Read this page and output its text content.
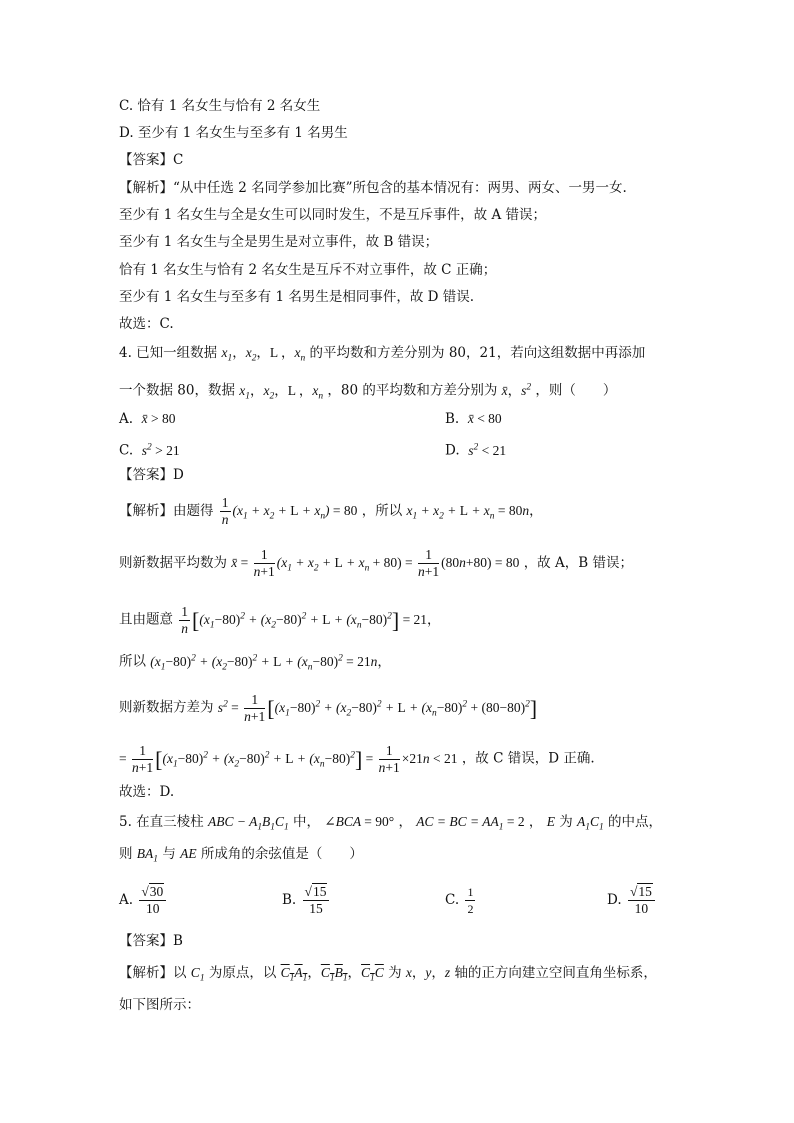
C. 恰有 1 名女生与恰有 2 名女生
D. 至少有 1 名女生与至多有 1 名男生
【答案】C
【解析】“从中任选 2 名同学参加比赛”所包含的基本情况有：两男、两女、一男一女.
至少有 1 名女生与全是女生可以同时发生，不是互斥事件，故 A 错误；
至少有 1 名女生与全是男生是对立事件，故 B 错误；
恰有 1 名女生与恰有 2 名女生是互斥不对立事件，故 C 正确；
至少有 1 名女生与至多有 1 名男生是相同事件，故 D 错误.
故选：C.
4. 已知一组数据 $x_1$，$x_2$，L ，$x_n$ 的平均数和方差分别为 80，21，若向这组数据中再添加
一个数据 80，数据 $x_1$，$x_2$，L ，$x_n$ ，80 的平均数和方差分别为 x̄，$s^2$ ，则（　　）
A. x̄ > 80	B. x̄ < 80
C. $s^2 > 21$	D. $s^2 < 21$
【答案】D
【解析】由题得 $\frac{1}{n} (x_1 + x_2 + L + x_n) = 80$ ，所以 $x_1 + x_2 + L + x_n = 80n$，
则新数据平均数为 x̄ = $\frac{1}{n+1} (x_1 + x_2 + L + x_n + 80) = \frac{1}{n+1} (80n+80) = 80$ ，故 A，B 错误；
且由题意 $\frac{1}{n} [(x_1-80)^2 + (x_2-80)^2 + L + (x_n-80)^2] = 21$，
所以 $(x_1-80)^2 + (x_2-80)^2 + L + (x_n-80)^2 = 21n$，
则新数据方差为 $s^2 = \frac{1}{n+1} [(x_1-80)^2 + (x_2-80)^2 + L + (x_n-80)^2 + (80-80)^2]$
= $\frac{1}{n+1} [(x_1-80)^2 + (x_2-80)^2 + L + (x_n-80)^2] = \frac{1}{n+1} \times 21n < 21$ ，故 C 错误，D 正确.
故选：D.
5. 在直三棱柱 ABC − $A_1B_1C_1$ 中， ∠BCA = 90° ， AC = BC = $AA_1 = 2$ ， E 为 $A_1C_1$ 的中点，
则 $BA_1$ 与 AE 所成角的余弦值是（　　）
A. $\frac{√30}{10}$	B. $\frac{√15}{15}$	C. $\frac{1}{2}$	D. $\frac{√15}{10}$
【答案】B
【解析】以 $C_1$ 为原点，以 $C_1A_1$，$C_1B_1$，$C_1C$ 为 x，y，z 轴的正方向建立空间直角坐标系，
如下图所示：
